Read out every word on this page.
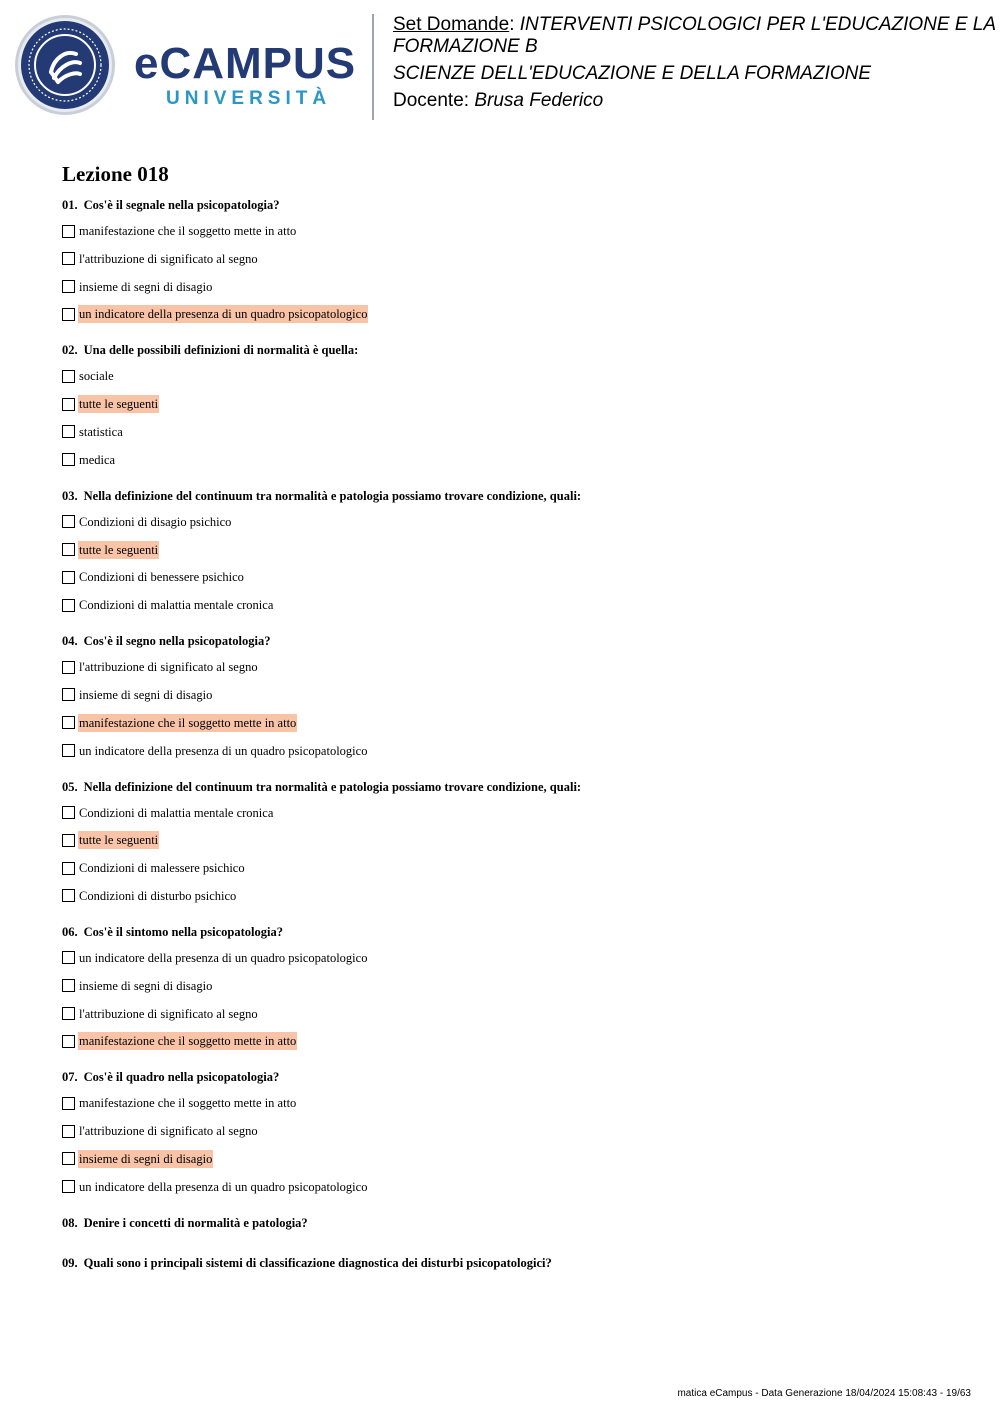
eCAMPUS
UNIVERSITÀ
Set Domande: INTERVENTI PSICOLOGICI PER L'EDUCAZIONE E LA
FORMAZIONE B
SCIENZE DELL'EDUCAZIONE E DELLA FORMAZIONE
Docente: Brusa Federico
Lezione 018
01. Cos'è il segnale nella psicopatologia?
manifestazione che il soggetto mette in atto
l'attribuzione di significato al segno
insieme di segni di disagio
un indicatore della presenza di un quadro psicopatologico
02. Una delle possibili definizioni di normalità è quella:
sociale
tutte le seguenti
statistica
medica
03. Nella definizione del continuum tra normalità e patologia possiamo trovare condizione, quali:
Condizioni di disagio psichico
tutte le seguenti
Condizioni di benessere psichico
Condizioni di malattia mentale cronica
04. Cos'è il segno nella psicopatologia?
l'attribuzione di significato al segno
insieme di segni di disagio
manifestazione che il soggetto mette in atto
un indicatore della presenza di un quadro psicopatologico
05. Nella definizione del continuum tra normalità e patologia possiamo trovare condizione, quali:
Condizioni di malattia mentale cronica
tutte le seguenti
Condizioni di malessere psichico
Condizioni di disturbo psichico
06. Cos'è il sintomo nella psicopatologia?
un indicatore della presenza di un quadro psicopatologico
insieme di segni di disagio
l'attribuzione di significato al segno
manifestazione che il soggetto mette in atto
07. Cos'è il quadro nella psicopatologia?
manifestazione che il soggetto mette in atto
l'attribuzione di significato al segno
insieme di segni di disagio
un indicatore della presenza di un quadro psicopatologico
08. Denire i concetti di normalità e patologia?
09. Quali sono i principali sistemi di classificazione diagnostica dei disturbi psicopatologici?
matica eCampus - Data Generazione 18/04/2024 15:08:43 - 19/63
